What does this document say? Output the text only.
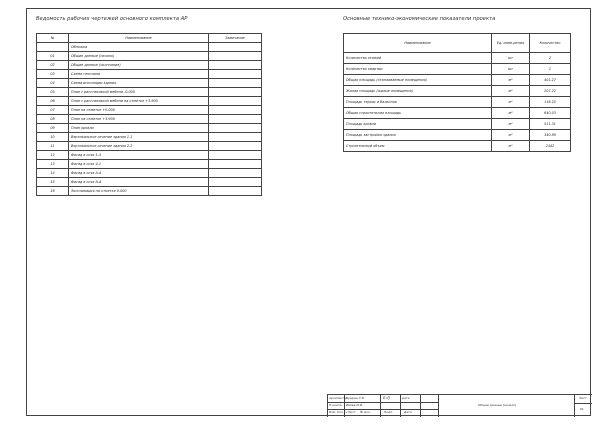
Ведомость рабочих чертежей основного комплекта АР
№	Наименование	Замечание
	Обложка	
01	Общие данные (начало)	
02	Общие данные (окончание)	
03	Схема генплана	
04	Схема инсоляции здания	
05	План с расстановкой мебели -0.000	
06	План с расстановкой мебели на отметке +3.900	
07	План на отметке +0.000	
08	План на отметке +3.900	
09	План кровли	
10	Вертикальное сечение здания 1-1	
11	Вертикальное сечение здания 2-2	
12	Фасад в осях 1-4	
13	Фасад в осях 4-1	
14	Фасад в осях А-А	
15	Фасад в осях А-А	
16	Экспликация на отметке 0.000	
Основные технико-экономические показатели проекта
Наименование	Ед. изме-рения	Количество
Количество этажей	шт	2
Количество квартир	шт	1
Общая площадь (отапливаемые помещения)	м²	401.27
Жилая площадь (жилые помещения)	м²	207.22
Площадь террас и балконов	м²	116.25
Общая строительная площадь	м²	640.03
Площадь кровли	м²	511.31
Площадь застройки здания	м²	340.89
Строительный объем	м³	2442
Архитектор
Кудрин С.В.	ℭ𝔞ℨ	дата
Н.контр. Ивлев И.И.
Изм. Кол.уч Лист № док.	Подп.	Дата
Общие данные (начало)
Лист
01
